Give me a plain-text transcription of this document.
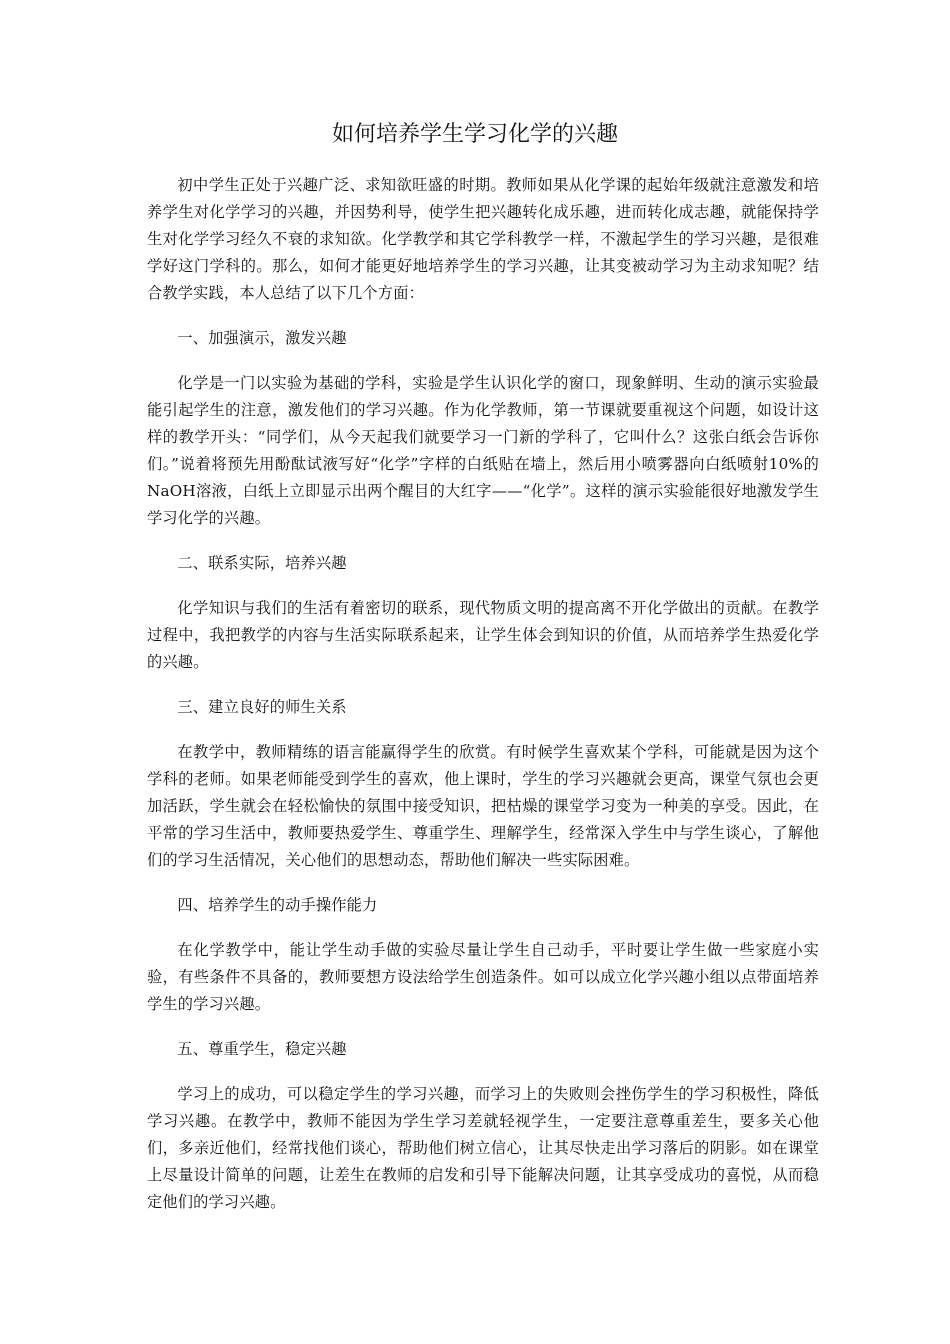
如何培养学生学习化学的兴趣

初中学生正处于兴趣广泛、求知欲旺盛的时期。教师如果从化学课的起始年级就注意激发和培养学生对化学学习的兴趣，并因势利导，使学生把兴趣转化成乐趣，进而转化成志趣，就能保持学生对化学学习经久不衰的求知欲。化学教学和其它学科教学一样，不激起学生的学习兴趣，是很难学好这门学科的。那么，如何才能更好地培养学生的学习兴趣，让其变被动学习为主动求知呢？结合教学实践，本人总结了以下几个方面：

一、加强演示，激发兴趣

化学是一门以实验为基础的学科，实验是学生认识化学的窗口，现象鲜明、生动的演示实验最能引起学生的注意，激发他们的学习兴趣。作为化学教师，第一节课就要重视这个问题，如设计这样的教学开头：“同学们，从今天起我们就要学习一门新的学科了，它叫什么？这张白纸会告诉你们。”说着将预先用酚酞试液写好“化学”字样的白纸贴在墙上，然后用小喷雾器向白纸喷射10%的NaOH溶液，白纸上立即显示出两个醒目的大红字——“化学”。这样的演示实验能很好地激发学生学习化学的兴趣。

二、联系实际，培养兴趣

化学知识与我们的生活有着密切的联系，现代物质文明的提高离不开化学做出的贡献。在教学过程中，我把教学的内容与生活实际联系起来，让学生体会到知识的价值，从而培养学生热爱化学的兴趣。

三、建立良好的师生关系

在教学中，教师精练的语言能赢得学生的欣赏。有时候学生喜欢某个学科，可能就是因为这个学科的老师。如果老师能受到学生的喜欢，他上课时，学生的学习兴趣就会更高，课堂气氛也会更加活跃，学生就会在轻松愉快的氛围中接受知识，把枯燥的课堂学习变为一种美的享受。因此，在平常的学习生活中，教师要热爱学生、尊重学生、理解学生，经常深入学生中与学生谈心，了解他们的学习生活情况，关心他们的思想动态，帮助他们解决一些实际困难。

四、培养学生的动手操作能力

在化学教学中，能让学生动手做的实验尽量让学生自己动手，平时要让学生做一些家庭小实验，有些条件不具备的，教师要想方设法给学生创造条件。如可以成立化学兴趣小组以点带面培养学生的学习兴趣。

五、尊重学生，稳定兴趣

学习上的成功，可以稳定学生的学习兴趣，而学习上的失败则会挫伤学生的学习积极性，降低学习兴趣。在教学中，教师不能因为学生学习差就轻视学生，一定要注意尊重差生，要多关心他们，多亲近他们，经常找他们谈心，帮助他们树立信心，让其尽快走出学习落后的阴影。如在课堂上尽量设计简单的问题，让差生在教师的启发和引导下能解决问题，让其享受成功的喜悦，从而稳定他们的学习兴趣。
